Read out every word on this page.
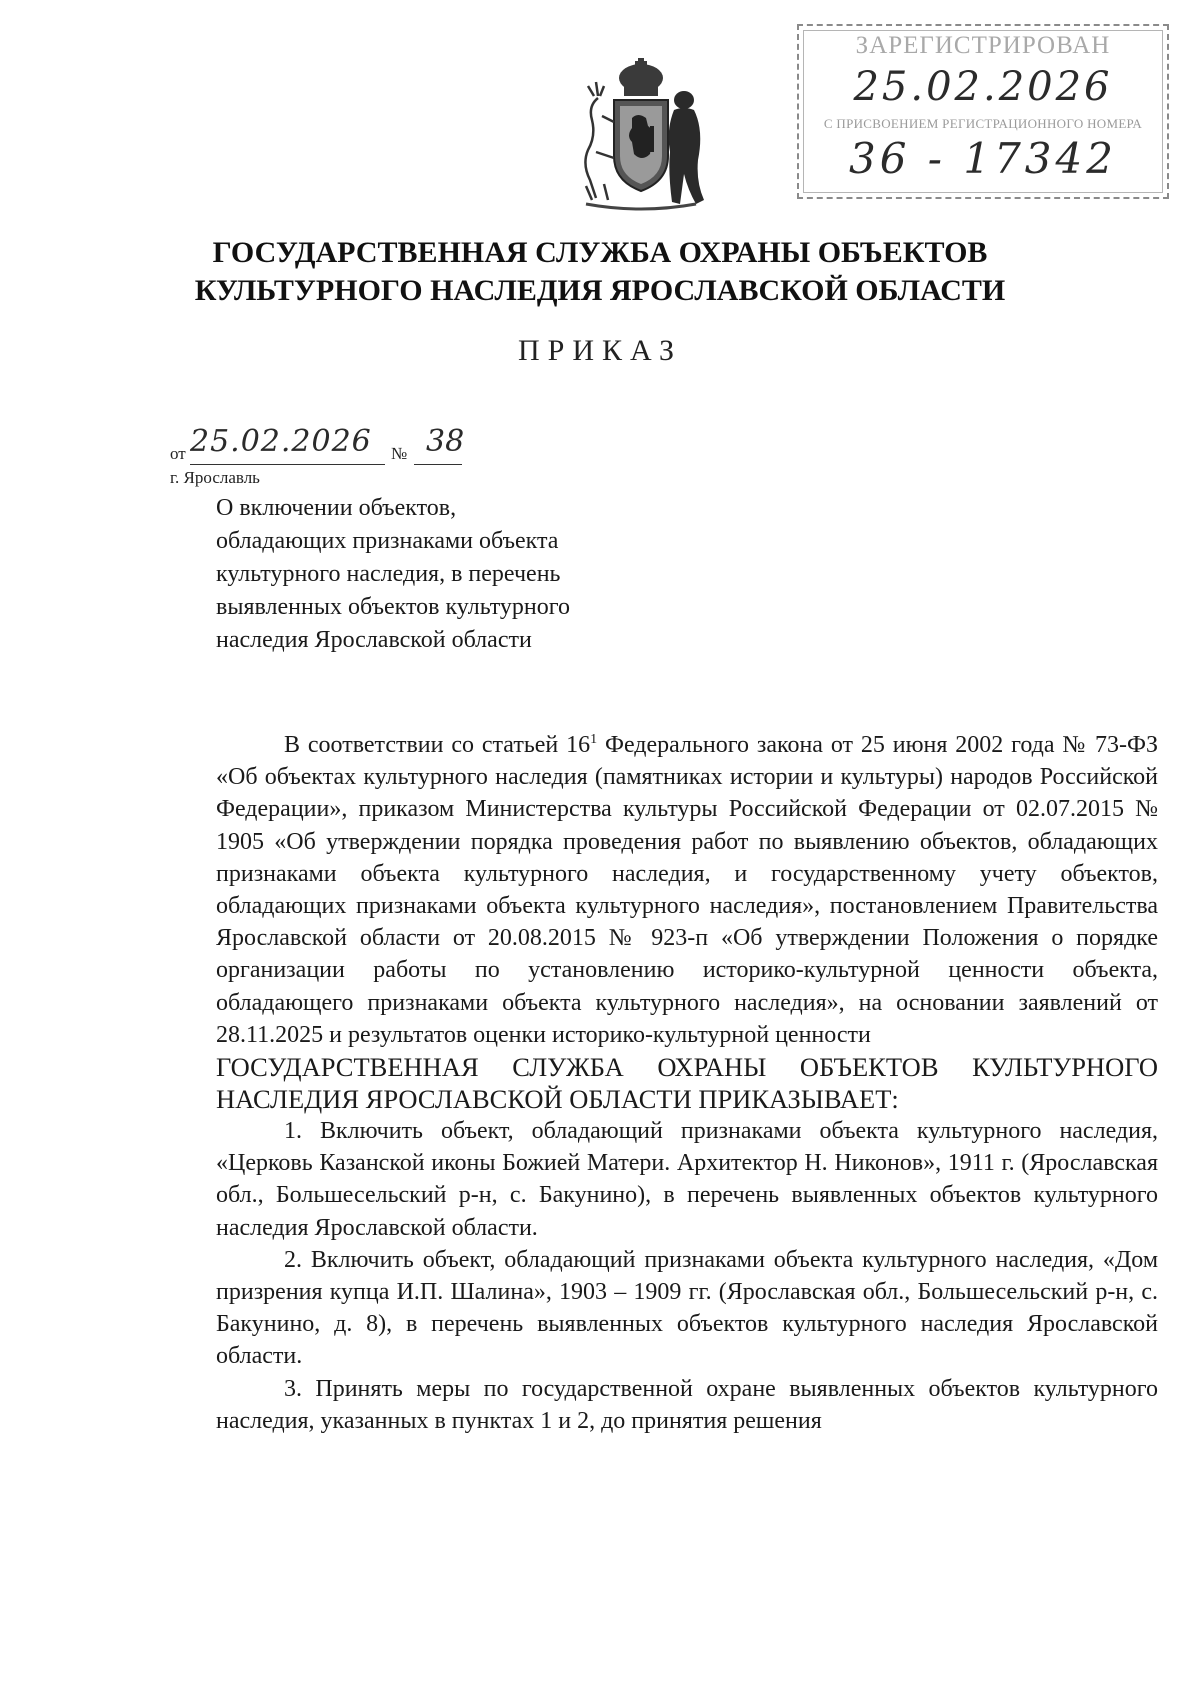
ЗАРЕГИСТРИРОВАН
25.02.2026
С ПРИСВОЕНИЕМ РЕГИСТРАЦИОННОГО НОМЕРА
36 - 17342
ГОСУДАРСТВЕННАЯ СЛУЖБА ОХРАНЫ ОБЪЕКТОВ
КУЛЬТУРНОГО НАСЛЕДИЯ ЯРОСЛАВСКОЙ ОБЛАСТИ
ПРИКАЗ
от 25.02.2026 № 38
г. Ярославль
О включении объектов,
обладающих признаками объекта
культурного наследия, в перечень
выявленных объектов культурного
наследия Ярославской области

В соответствии со статьей $16^1$ Федерального закона от 25 июня 2002 года № 73-ФЗ «Об объектах культурного наследия (памятниках истории и культуры) народов Российской Федерации», приказом Министерства культуры Российской Федерации от 02.07.2015 № 1905 «Об утверждении порядка проведения работ по выявлению объектов, обладающих признаками объекта культурного наследия, и государственному учету объектов, обладающих признаками объекта культурного наследия», постановлением Правительства Ярославской области от 20.08.2015 № 923-п «Об утверждении Положения о порядке организации работы по установлению историко-культурной ценности объекта, обладающего признаками объекта культурного наследия», на основании заявлений от 28.11.2025 и результатов оценки историко-культурной ценности

ГОСУДАРСТВЕННАЯ СЛУЖБА ОХРАНЫ ОБЪЕКТОВ КУЛЬТУРНОГО НАСЛЕДИЯ ЯРОСЛАВСКОЙ ОБЛАСТИ ПРИКАЗЫВАЕТ:

1. Включить объект, обладающий признаками объекта культурного наследия, «Церковь Казанской иконы Божией Матери. Архитектор Н. Никонов», 1911 г. (Ярославская обл., Большесельский р-н, с. Бакунино), в перечень выявленных объектов культурного наследия Ярославской области.

2. Включить объект, обладающий признаками объекта культурного наследия, «Дом призрения купца И.П. Шалина», 1903 – 1909 гг. (Ярославская обл., Большесельский р-н, с. Бакунино, д. 8), в перечень выявленных объектов культурного наследия Ярославской области.

3. Принять меры по государственной охране выявленных объектов культурного наследия, указанных в пунктах 1 и 2, до принятия решения
